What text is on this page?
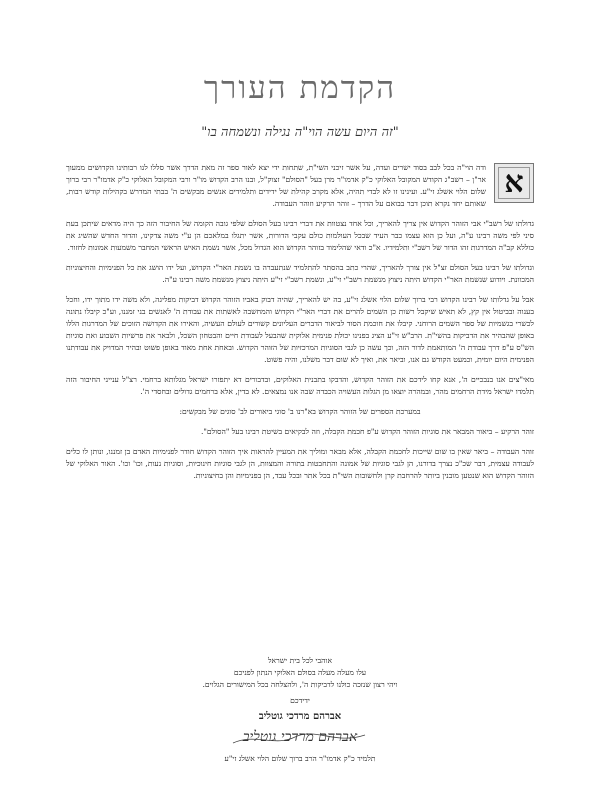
הקדמת העורך
"זה היום עשה הוי"ה נגילה ונשמחה בו"

א
ודה הוי"ה בכל לבב בסוד ישרים ועדה, על אשר זיכני השי"ת, שתחות ידי יצא לאור ספר זה מאת הדרך אשר סללו לנו רבותינו הקדושים ממעוך אר"ן – רשב"ג הקודש המקובל האלוקי כ"ק אדמו"ר מרן בעל "הסולם" זצוק"ל, ובנו הרב הקדוש מו"ר ורבי המקובל האלוקי כ"ק אדמו"ר רבי ברוך שלום הלוי אשלג זי"ע. ועינינו זו לא לבדי תהיה, אלא מקרב קהילת של ידידים ותלמידים אנשים מבקשים ה' בבתי המדרש בקהילות קודש רבות, שאותם יחד נקרא תוכן דבר בבואם על הדרך – זוהר הרקיע וזוהר העבודה.

גדולתו של רשב"י אבי הזוהר הקדוש אין צריך להאריך, וכל אחד נצטוות את דברי רבינו בעל הסולם שלפי גובה הקומה של החיבור הזה כך היה מדאים שיתכן בעת סיני לפי משה רבינו ע"ה, ועל כן הוא עצמו כבר העיד שבכל העולמות כולם עקבי הדורות, אשר יתגלו במלאכם הן ע"י משה צדקינו, והדור החדש שהשיג את כוללא קב"ה המדרגות זהו הדור של רשב"י ותלמידיו. א"כ ודאי שהלימוד בזוהר הקדוש הוא הגדול מכל, אשר נשמת האיש הראשי המחבר משמעות אמונות לחזור.

וגדולתו של רבינו בעל הסולם זצ"ל אין צורך להאריך, שהרי כתב בהסתר להתלמיד שנתעברה בו נשמת האר"י הקדוש, ועל ידו הושג את כל הפנימיות והחיצוניות המכוונת. ויודוע שנשמת האר"י הקדוש היתה ניצוץ מנשמת רשב"י זי"ע, ונשמת רשב"י זי"ע היתה ניצוץ מנשמת משה רבינו ע"ה.

אבל על גדלותו של רבינו הקדוש רבי ברוך שלום הלוי אשלג זי"ע, בה יש להאריך, שהיה דבוק באביו הזוהר הקדוש דביקות מפליגה, ולא משה ידו מתוך ידו, וחכל בענוה ובביטול אין קץ, לא תאיש שיקבל רשות כן השמים להרים את דברי האר"י הקדוש והמחשבה לאשתות את עבודת ה' לאנשים בני זמננו, וע"כ קיבלו נתונה לכשרי בגשמיות של ספר השמים הרוחני. קיבלו את חוכמת הסוד לביאור הדברים העליונים קשורים לעולם העשיה, והאירו את הקדושה הזוכים של המדרגות הללו באופן שהבהיר את הדביקות בהשי"ת. הרב"ש זי"ע הציג בפנינו יכולת פנימית אלוקית שהבעל לעבודת חיים והבטחון השכל, ולבאר את פרשיות השבוע ואת סוגיות הש"ס ע"פ דרך עבודת ה' המותאמת לדור הזה, וכך עשה כן לגבי הסוגיות המרכזיות של הזוהר הקדוש. ובאחת אחת מאוד באופן פשוט ובהיר המדויק את עבודתנו הפנימית היום יומית, וכמעט הקודש גם אנו, וביאר את, ואיך לא שום דבר משלנו, והיה פשוט.

מאי"צים אנו בנבכיים ה', אנא קחו לידכם את הזוהר הקדוש, והדבקו בתבנית האלוקים, ובדבורים דא יתפזרו ישראל מגלותא ברחמי. רצ"ל ענייני החיבור הזה תלמדו ישראל מידת הרחמים מהר, ובמהרה יוצאו מן הגלות העשויה הכבדה שבה אנו נמצאים. לא בדין, אלא ברחמים גדולים ובחסדי ה'.

במערכת הספרים של הזוהר הקדוש בא"רנו ב' סוגי ביאורים לב' סוגים של מבקשים:

זוהר הרקיע – ביאור המבאר את סוגיות הזוהר הקדוש ע"פ חכמת הקבלה, וזה לבקיאים בשיטת רבינו בעל "הסולם".

זוהר העבודה – ביאר שאין בו שום שייכות לחכמת הקבלה, אלא מבאר ומוליך את המעיין להראות איך הזוהר הקדוש חודר לפנימיות האדם בן זמננו, ונותן לו כלים לעבודה עצמית, דבר שכ"כ נצרך בדורנו, הן לגבי סוגיות של אמונה והתחבטות בתורה והמצוות, הן לגבי סוגיות חינוכיות, וסוגיות נעות, וכו' וכו'. האור האלוקי של הזוהר הקדוש הוא שנטען מובנין ביותר להרחבת קרן ולחשובות השי"ת בכל אתר ובכל עבד, הן בפנימיות והן בחיצוניות.

אוהבי לכל בית ישראל
עלו מעלה מעלה בסולם האלוקי הנתון לפניכם
ויהי רצון שנזכה כולנו לדביקות ה', ולהצלחה בכל המישורים הגלוים.
ידידכם
אברהם מרדכי גוטליב
אברהם מרדכי גוטליב
תלמיד כ"ק אדמו"ר הרב ברוך שלום הלוי אשלג זי"ע
